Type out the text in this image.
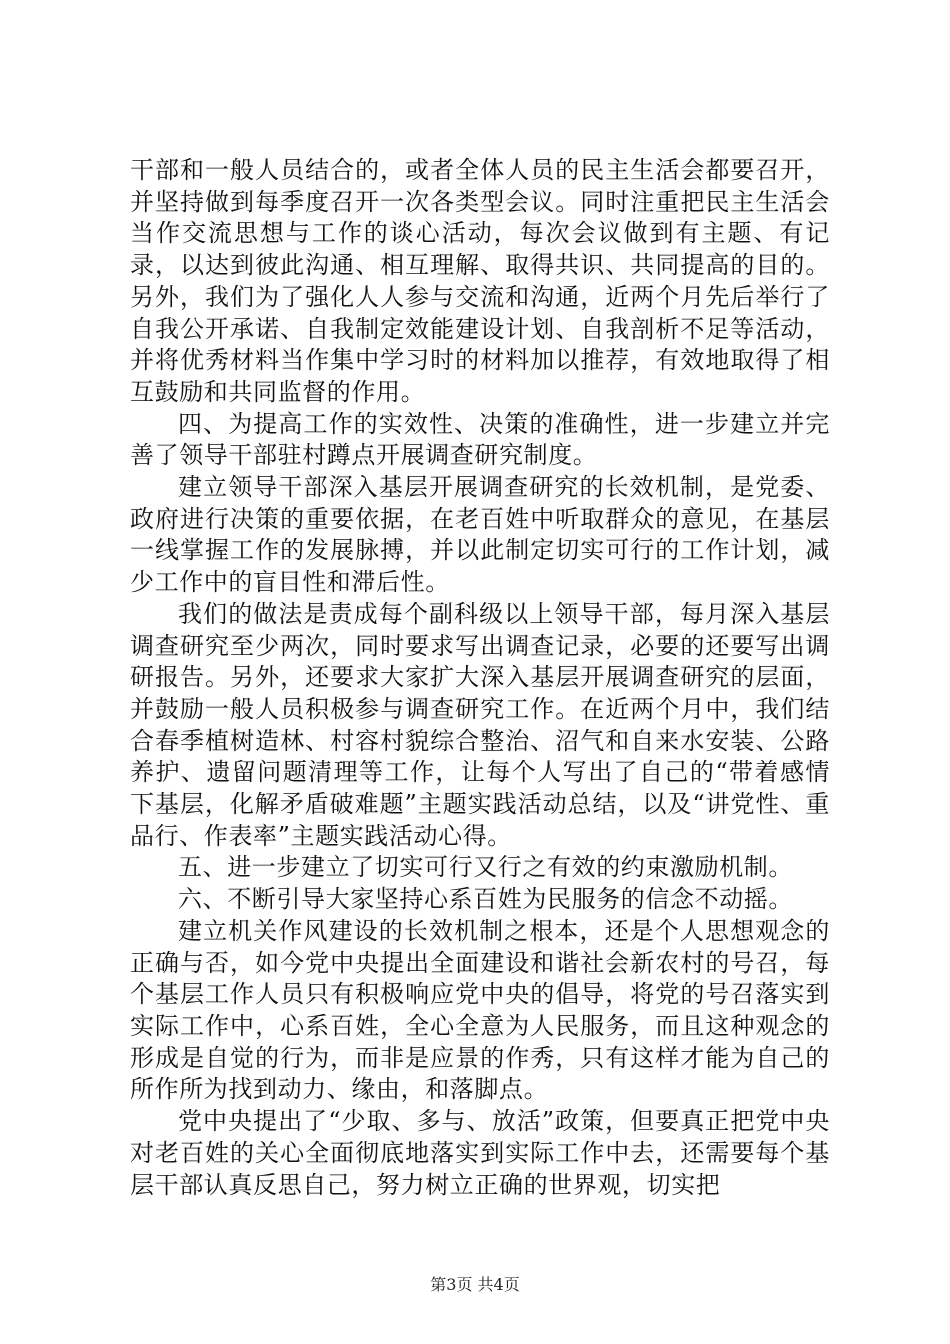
干部和一般人员结合的，或者全体人员的民主生活会都要召开，并坚持做到每季度召开一次各类型会议。同时注重把民主生活会当作交流思想与工作的谈心活动，每次会议做到有主题、有记录，以达到彼此沟通、相互理解、取得共识、共同提高的目的。另外，我们为了强化人人参与交流和沟通，近两个月先后举行了自我公开承诺、自我制定效能建设计划、自我剖析不足等活动，并将优秀材料当作集中学习时的材料加以推荐，有效地取得了相互鼓励和共同监督的作用。

四、为提高工作的实效性、决策的准确性，进一步建立并完善了领导干部驻村蹲点开展调查研究制度。

建立领导干部深入基层开展调查研究的长效机制，是党委、政府进行决策的重要依据，在老百姓中听取群众的意见，在基层一线掌握工作的发展脉搏，并以此制定切实可行的工作计划，减少工作中的盲目性和滞后性。

我们的做法是责成每个副科级以上领导干部，每月深入基层调查研究至少两次，同时要求写出调查记录，必要的还要写出调研报告。另外，还要求大家扩大深入基层开展调查研究的层面，并鼓励一般人员积极参与调查研究工作。在近两个月中，我们结合春季植树造林、村容村貌综合整治、沼气和自来水安装、公路养护、遗留问题清理等工作，让每个人写出了自己的“带着感情下基层，化解矛盾破难题”主题实践活动总结，以及“讲党性、重品行、作表率”主题实践活动心得。

五、进一步建立了切实可行又行之有效的约束激励机制。

六、不断引导大家坚持心系百姓为民服务的信念不动摇。

建立机关作风建设的长效机制之根本，还是个人思想观念的正确与否，如今党中央提出全面建设和谐社会新农村的号召，每个基层工作人员只有积极响应党中央的倡导，将党的号召落实到实际工作中，心系百姓，全心全意为人民服务，而且这种观念的形成是自觉的行为，而非是应景的作秀，只有这样才能为自己的所作所为找到动力、缘由，和落脚点。

党中央提出了“少取、多与、放活”政策，但要真正把党中央对老百姓的关心全面彻底地落实到实际工作中去，还需要每个基层干部认真反思自己，努力树立正确的世界观，切实把

第3页 共4页
